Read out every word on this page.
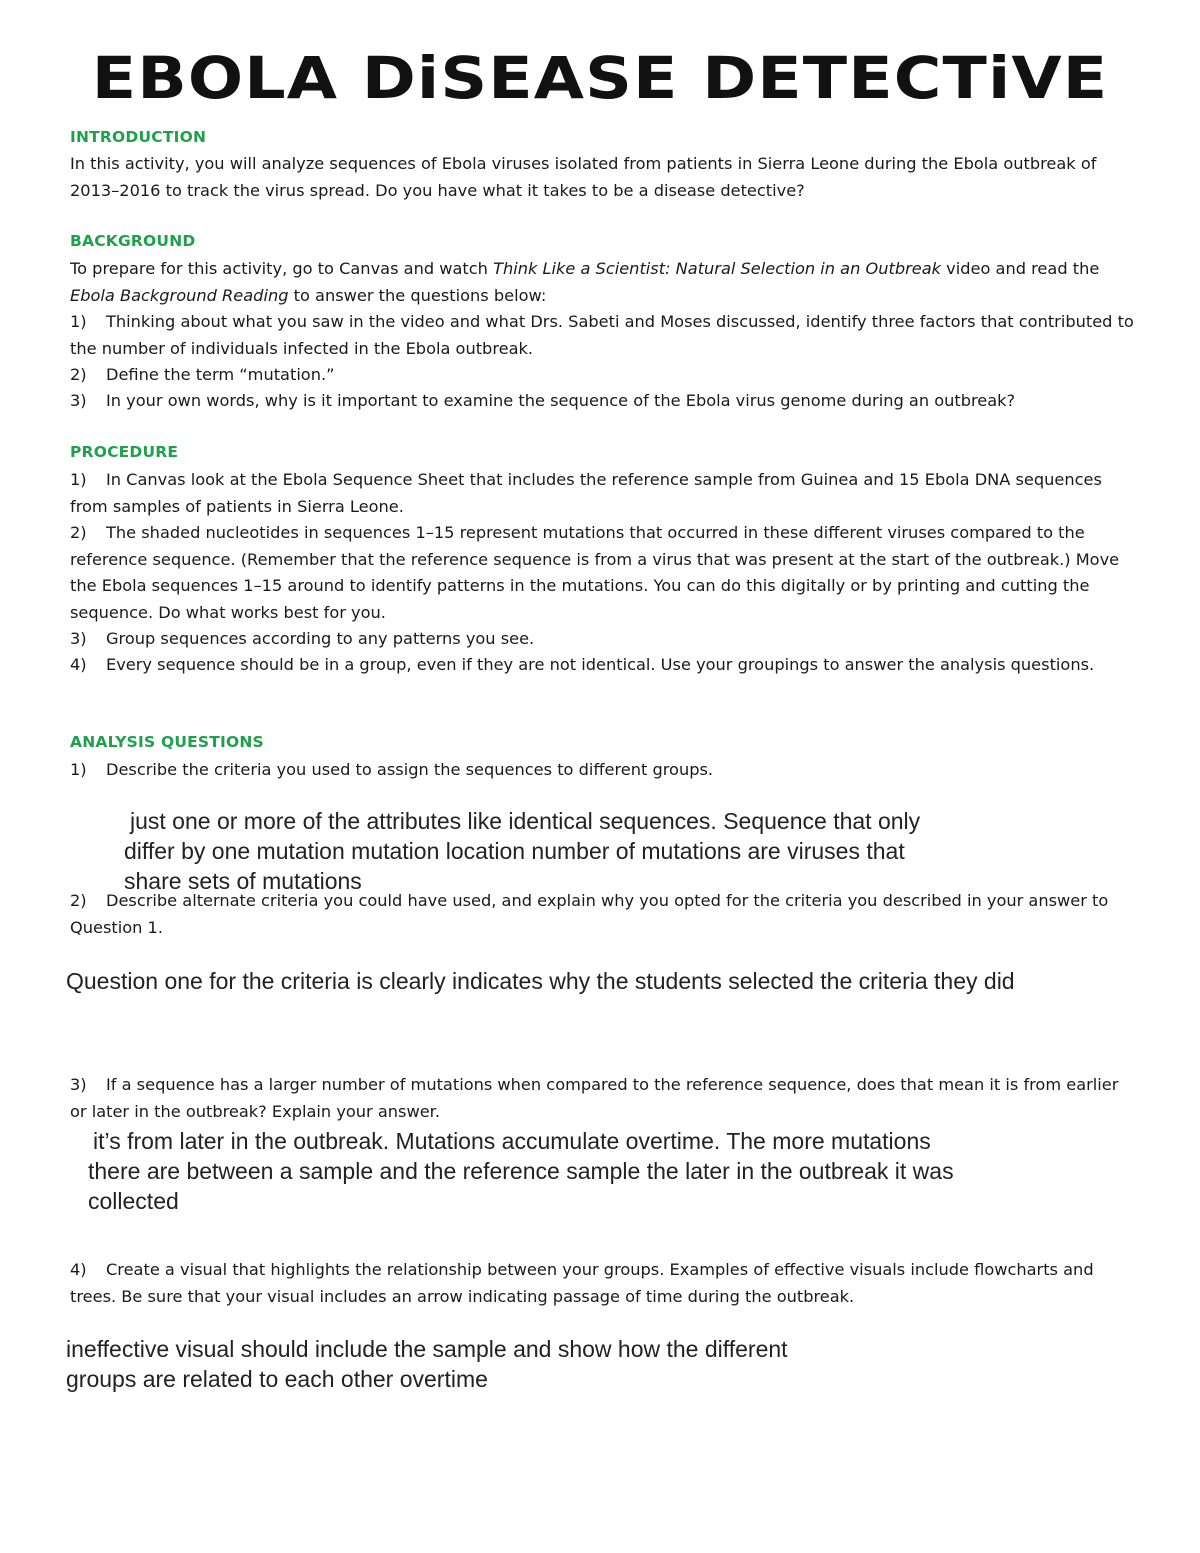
EBOLA DiSEASE DETECTiVE
INTRODUCTION
In this activity, you will analyze sequences of Ebola viruses isolated from patients in Sierra Leone during the Ebola outbreak of 2013–2016 to track the virus spread. Do you have what it takes to be a disease detective?
BACKGROUND
To prepare for this activity, go to Canvas and watch Think Like a Scientist: Natural Selection in an Outbreak video and read the Ebola Background Reading to answer the questions below:
1) Thinking about what you saw in the video and what Drs. Sabeti and Moses discussed, identify three factors that contributed to the number of individuals infected in the Ebola outbreak.
2) Define the term “mutation.”
3) In your own words, why is it important to examine the sequence of the Ebola virus genome during an outbreak?
PROCEDURE
1) In Canvas look at the Ebola Sequence Sheet that includes the reference sample from Guinea and 15 Ebola DNA sequences from samples of patients in Sierra Leone.
2) The shaded nucleotides in sequences 1–15 represent mutations that occurred in these different viruses compared to the reference sequence. (Remember that the reference sequence is from a virus that was present at the start of the outbreak.) Move the Ebola sequences 1–15 around to identify patterns in the mutations. You can do this digitally or by printing and cutting the sequence. Do what works best for you.
3) Group sequences according to any patterns you see.
4) Every sequence should be in a group, even if they are not identical. Use your groupings to answer the analysis questions.
ANALYSIS QUESTIONS
1) Describe the criteria you used to assign the sequences to different groups.
just one or more of the attributes like identical sequences. Sequence that only
differ by one mutation mutation location number of mutations are viruses that
share sets of mutations
2) Describe alternate criteria you could have used, and explain why you opted for the criteria you described in your answer to Question 1.
Question one for the criteria is clearly indicates why the students selected the criteria they did
3) If a sequence has a larger number of mutations when compared to the reference sequence, does that mean it is from earlier or later in the outbreak? Explain your answer.
it’s from later in the outbreak. Mutations accumulate overtime. The more mutations
there are between a sample and the reference sample the later in the outbreak it was
collected
4) Create a visual that highlights the relationship between your groups. Examples of effective visuals include flowcharts and trees. Be sure that your visual includes an arrow indicating passage of time during the outbreak.
ineffective visual should include the sample and show how the different
groups are related to each other overtime
